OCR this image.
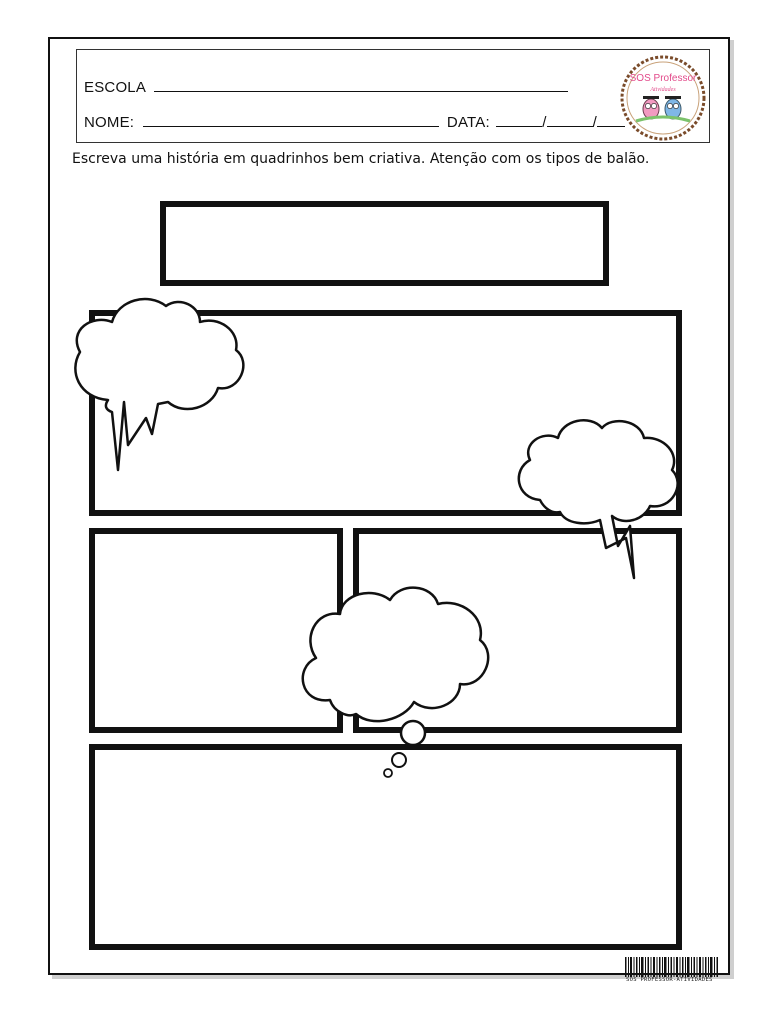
ESCOLA
NOME:	DATA:	/	/
SOS Professor
Atividades
Escreva uma história em quadrinhos bem criativa. Atenção com os tipos de balão.
SOS PROFESSOR-ATIVIDADES
